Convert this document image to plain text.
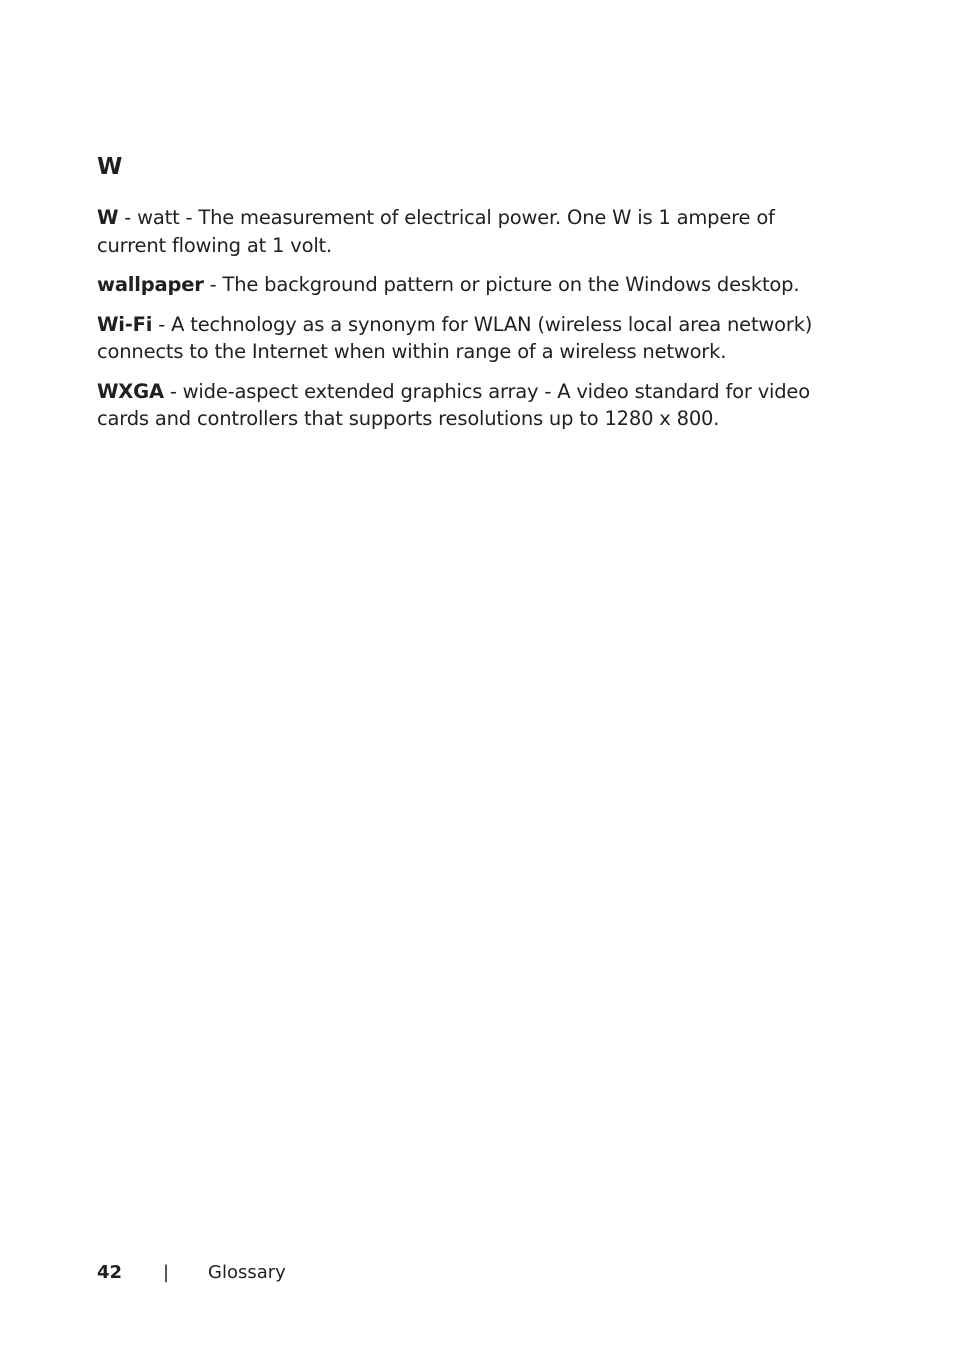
W

W - watt - The measurement of electrical power. One W is 1 ampere of current flowing at 1 volt.

wallpaper - The background pattern or picture on the Windows desktop.

Wi-Fi - A technology as a synonym for WLAN (wireless local area network) connects to the Internet when within range of a wireless network.

WXGA - wide-aspect extended graphics array - A video standard for video cards and controllers that supports resolutions up to 1280 x 800.

42 | Glossary
